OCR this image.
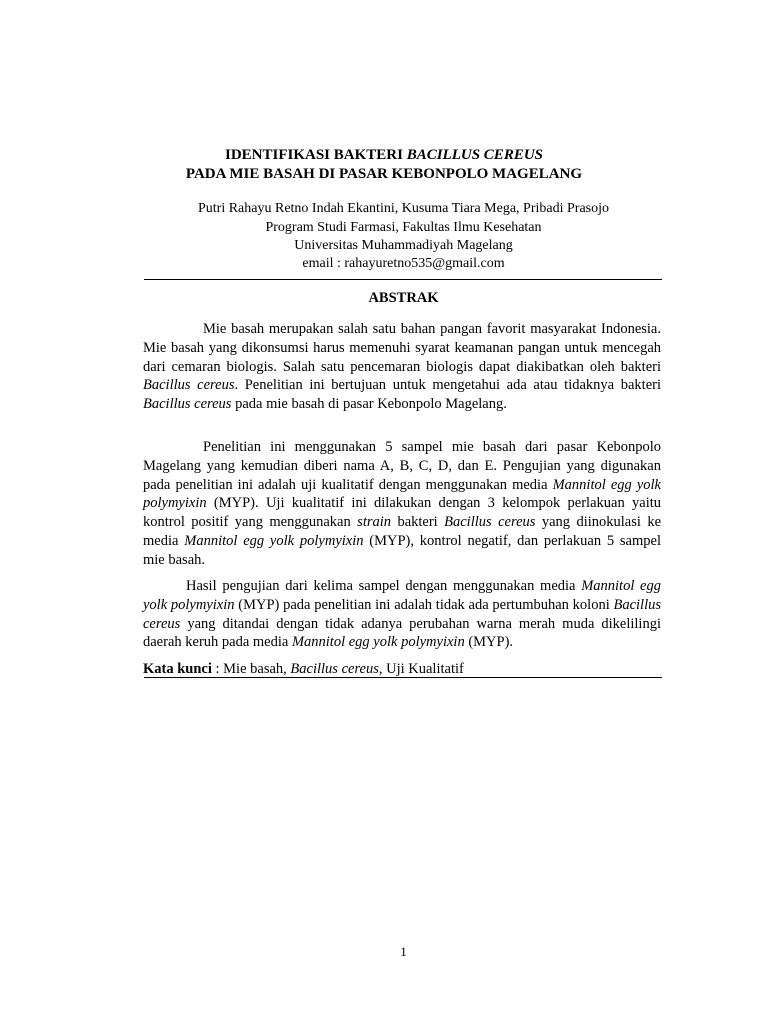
IDENTIFIKASI BAKTERI BACILLUS CEREUS
PADA MIE BASAH DI PASAR KEBONPOLO MAGELANG
Putri Rahayu Retno Indah Ekantini, Kusuma Tiara Mega, Pribadi Prasojo
Program Studi Farmasi, Fakultas Ilmu Kesehatan
Universitas Muhammadiyah Magelang
email : rahayuretno535@gmail.com
ABSTRAK
Mie basah merupakan salah satu bahan pangan favorit masyarakat Indonesia. Mie basah yang dikonsumsi harus memenuhi syarat keamanan pangan untuk mencegah dari cemaran biologis. Salah satu pencemaran biologis dapat diakibatkan oleh bakteri Bacillus cereus. Penelitian ini bertujuan untuk mengetahui ada atau tidaknya bakteri Bacillus cereus pada mie basah di pasar Kebonpolo Magelang.
Penelitian ini menggunakan 5 sampel mie basah dari pasar Kebonpolo Magelang yang kemudian diberi nama A, B, C, D, dan E. Pengujian yang digunakan pada penelitian ini adalah uji kualitatif dengan menggunakan media Mannitol egg yolk polymyixin (MYP). Uji kualitatif ini dilakukan dengan 3 kelompok perlakuan yaitu kontrol positif yang menggunakan strain bakteri Bacillus cereus yang diinokulasi ke media Mannitol egg yolk polymyixin (MYP), kontrol negatif, dan perlakuan 5 sampel mie basah.
Hasil pengujian dari kelima sampel dengan menggunakan media Mannitol egg yolk polymyixin (MYP) pada penelitian ini adalah tidak ada pertumbuhan koloni Bacillus cereus yang ditandai dengan tidak adanya perubahan warna merah muda dikelilingi daerah keruh pada media Mannitol egg yolk polymyixin (MYP).
Kata kunci : Mie basah, Bacillus cereus, Uji Kualitatif
1
